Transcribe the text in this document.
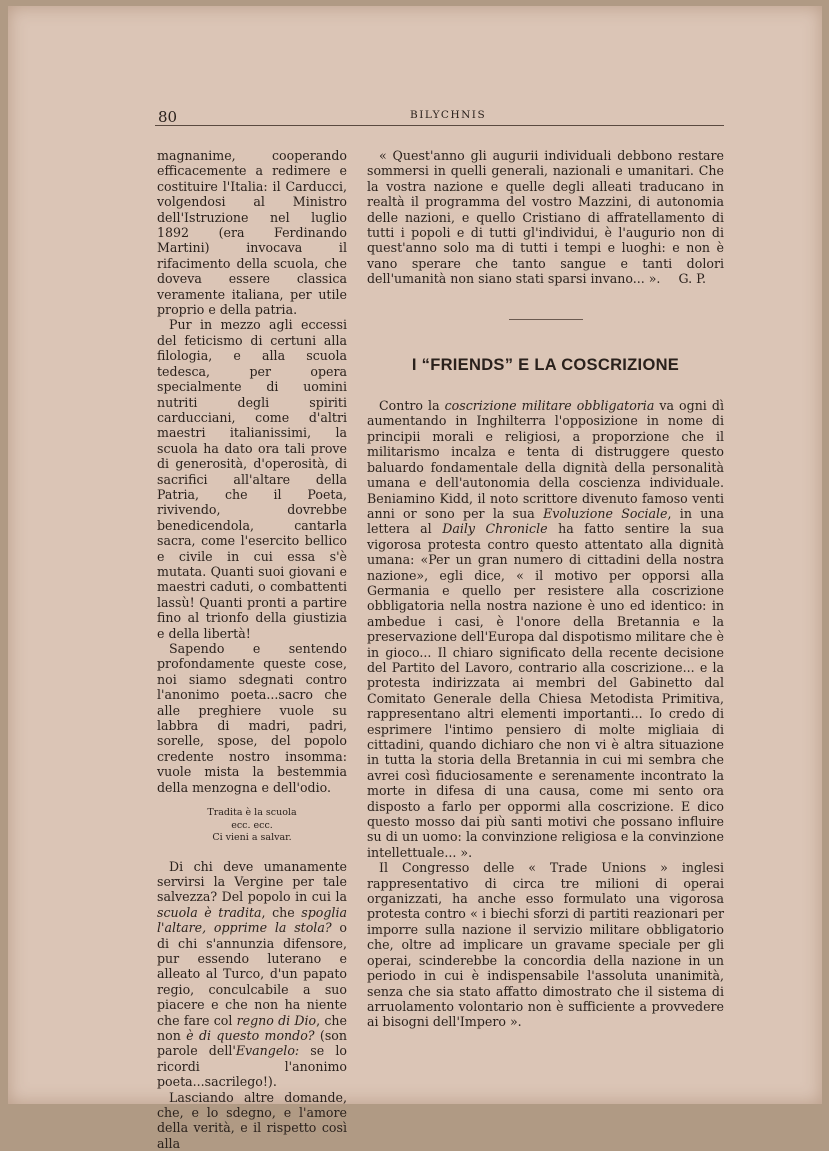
80	BILYCHNIS

magnanime, cooperando efficacemente a redimere e costituire l'Italia: il Carducci, volgendosi al Ministro dell'Istruzione nel luglio 1892 (era Ferdinando Martini) invocava il rifacimento della scuola, che doveva essere classica veramente italiana, per utile proprio e della patria.

Pur in mezzo agli eccessi del feticismo di certuni alla filologia, e alla scuola tedesca, per opera specialmente di uomini nutriti degli spiriti carducciani, come d'altri maestri italianissimi, la scuola ha dato ora tali prove di generosità, d'operosità, di sacrifici all'altare della Patria, che il Poeta, rivivendo, dovrebbe benedicendola, cantarla sacra, come l'esercito bellico e civile in cui essa s'è mutata. Quanti suoi giovani e maestri caduti, o combattenti lassù! Quanti pronti a partire fino al trionfo della giustizia e della libertà!

Sapendo e sentendo profondamente queste cose, noi siamo sdegnati contro l'anonimo poeta...sacro che alle preghiere vuole su labbra di madri, padri, sorelle, spose, del popolo credente nostro insomma: vuole mista la bestemmia della menzogna e dell'odio.

Tradita è la scuola
ecc. ecc.
Ci vieni a salvar.

Di chi deve umanamente servirsi la Vergine per tale salvezza? Del popolo in cui la scuola è tradita, che spoglia l'altare, opprime la stola? o di chi s'annunzia difensore, pur essendo luterano e alleato al Turco, d'un papato regio, conculcabile a suo piacere e che non ha niente che fare col regno di Dio, che non è di questo mondo? (son parole dell'Evangelo: se lo ricordi l'anonimo poeta...sacrilego!).

Lasciando altre domande, che, e lo sdegno, e l'amore della verità, e il rispetto così alla

« Quest'anno gli augurii individuali debbono restare sommersi in quelli generali, nazionali e umanitari. Che la vostra nazione e quelle degli alleati traducano in realtà il programma del vostro Mazzini, di autonomia delle nazioni, e quello Cristiano di affratellamento di tutti i popoli e di tutti gl'individui, è l'augurio non di quest'anno solo ma di tutti i tempi e luoghi: e non è vano sperare che tanto sangue e tanti dolori dell'umanità non siano stati sparsi invano... ».	G. P.

I “FRIENDS” E LA COSCRIZIONE

Contro la coscrizione militare obbligatoria va ogni dì aumentando in Inghilterra l'opposizione in nome di principii morali e religiosi, a proporzione che il militarismo incalza e tenta di distruggere questo baluardo fondamentale della dignità della personalità umana e dell'autonomia della coscienza individuale. Beniamino Kidd, il noto scrittore divenuto famoso venti anni or sono per la sua Evoluzione Sociale, in una lettera al Daily Chronicle ha fatto sentire la sua vigorosa protesta contro questo attentato alla dignità umana: «Per un gran numero di cittadini della nostra nazione», egli dice, « il motivo per opporsi alla Germania e quello per resistere alla coscrizione obbligatoria nella nostra nazione è uno ed identico: in ambedue i casi, è l'onore della Bretannia e la preservazione dell'Europa dal dispotismo militare che è in gioco... Il chiaro significato della recente decisione del Partito del Lavoro, contrario alla coscrizione... e la protesta indirizzata ai membri del Gabinetto dal Comitato Generale della Chiesa Metodista Primitiva, rappresentano altri elementi importanti... Io credo di esprimere l'intimo pensiero di molte migliaia di cittadini, quando dichiaro che non vi è altra situazione in tutta la storia della Bretannia in cui mi sembra che avrei così fiduciosamente e serenamente incontrato la morte in difesa di una causa, come mi sento ora disposto a farlo per oppormi alla coscrizione. E dico questo mosso dai più santi motivi che possano influire su di un uomo: la convinzione religiosa e la convinzione intellettuale... ».

Il Congresso delle « Trade Unions » inglesi rappresentativo di circa tre milioni di operai organizzati, ha anche esso formulato una vigorosa protesta contro « i biechi sforzi di partiti reazionari per imporre sulla nazione il servizio militare obbligatorio che, oltre ad implicare un gravame speciale per gli operai, scinderebbe la concordia della nazione in un periodo in cui è indispensabile l'assoluta unanimità, senza che sia stato affatto dimostrato che il sistema di arruolamento volontario non è sufficiente a provvedere ai bisogni dell'Impero ».
